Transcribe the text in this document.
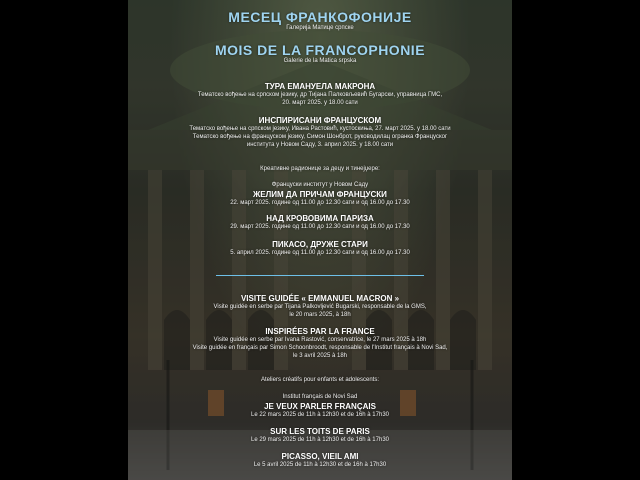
МЕСЕЦ ФРАНКОФОНИЈЕ
Галерија Матице српске
MOIS DE LA FRANCOPHONIE
Galerie de la Matica srpska
ТУРА ЕМАНУЕЛА МАКРОНА
Тематско вођење на српском језику, др Тијана Палковљевић Бугарски, управница ГМС,
20. март 2025. у 18.00 сати
ИНСПИРИСАНИ ФРАНЦУСКОМ
Тематско вођење на српском језику, Ивана Растовић, кустоскиња, 27. март 2025. у 18.00 сати
Тематско вођење на француском језику, Симон Шонброт, руководилац огранка Француског
института у Новом Саду, 3. април 2025. у 18.00 сати
Креативне радионице за децу и тинејџере:
Француски институт у Новом Саду
ЖЕЛИМ ДА ПРИЧАМ ФРАНЦУСКИ
22. март 2025. године од 11.00 до 12.30 сати и од 16.00 до 17.30
НАД КРОВОВИМА ПАРИЗА
29. март 2025. године од 11.00 до 12.30 сати и од 16.00 до 17.30
ПИКАСО, ДРУЖЕ СТАРИ
5. април 2025. године од 11.00 до 12.30 сати и од 16.00 до 17.30
VISITE GUIDÉE « EMMANUEL MACRON »
Visite guidée en serbe par Tijana Palkovljević Bugarski, responsable de la GMS,
le 20 mars 2025, à 18h
INSPIRÉES PAR LA FRANCE
Visite guidée en serbe par Ivana Rastović, conservatrice, le 27 mars 2025 à 18h
Visite guidée en français par Simon Schoonbroodt, responsable de l'Institut français à Novi Sad,
le 3 avril 2025 à 18h
Ateliers créatifs pour enfants et adolescents:
Institut français de Novi Sad
JE VEUX PARLER FRANÇAIS
Le 22 mars 2025 de 11h à 12h30 et de 16h à 17h30
SUR LES TOITS DE PARIS
Le 29 mars 2025 de 11h à 12h30 et de 16h à 17h30
PICASSO, VIEIL AMI
Le 5 avril 2025 de 11h à 12h30 et de 16h à 17h30
